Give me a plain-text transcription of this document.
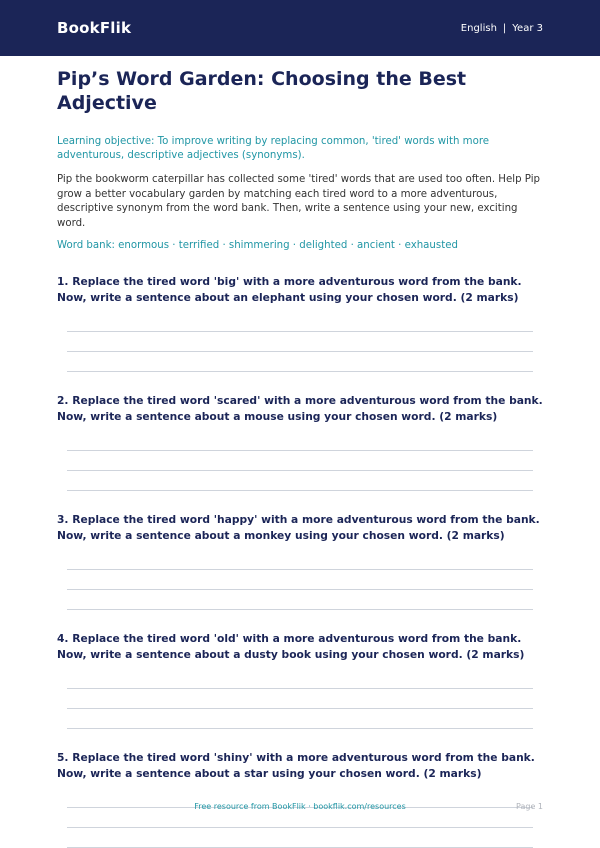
BookFlik	English | Year 3
Pip’s Word Garden: Choosing the Best Adjective
Learning objective: To improve writing by replacing common, 'tired' words with more adventurous, descriptive adjectives (synonyms).
Pip the bookworm caterpillar has collected some 'tired' words that are used too often. Help Pip grow a better vocabulary garden by matching each tired word to a more adventurous, descriptive synonym from the word bank. Then, write a sentence using your new, exciting word.
Word bank: enormous · terrified · shimmering · delighted · ancient · exhausted
1. Replace the tired word 'big' with a more adventurous word from the bank. Now, write a sentence about an elephant using your chosen word. (2 marks)
2. Replace the tired word 'scared' with a more adventurous word from the bank. Now, write a sentence about a mouse using your chosen word. (2 marks)
3. Replace the tired word 'happy' with a more adventurous word from the bank. Now, write a sentence about a monkey using your chosen word. (2 marks)
4. Replace the tired word 'old' with a more adventurous word from the bank. Now, write a sentence about a dusty book using your chosen word. (2 marks)
5. Replace the tired word 'shiny' with a more adventurous word from the bank. Now, write a sentence about a star using your chosen word. (2 marks)
Free resource from BookFlik · bookflik.com/resources	Page 1
